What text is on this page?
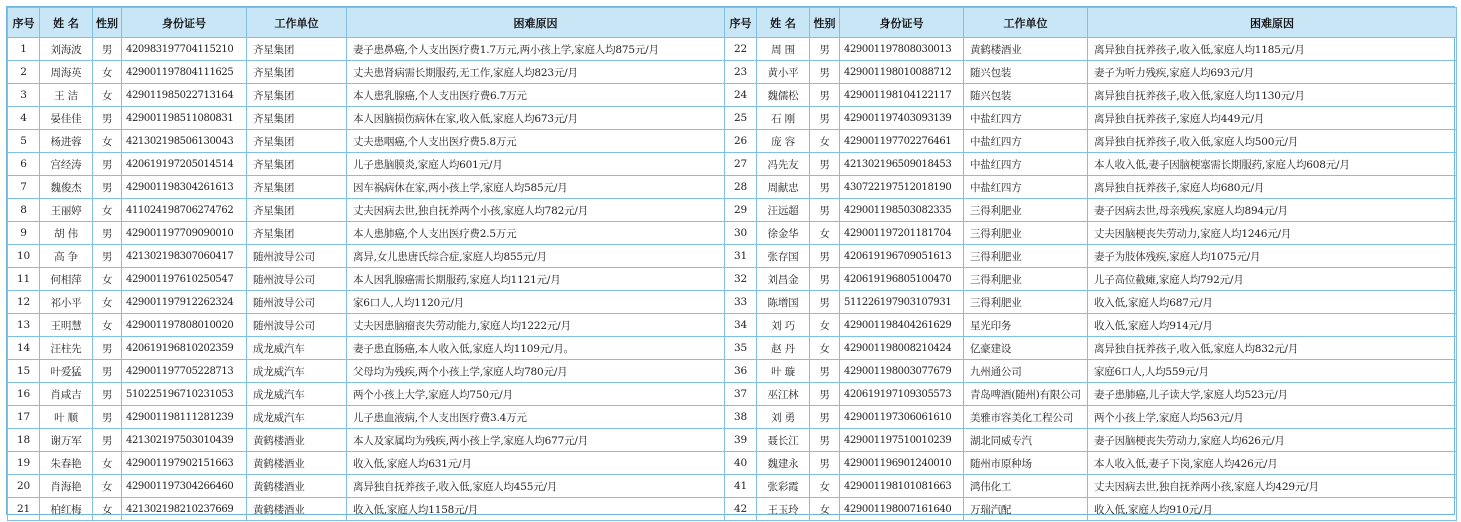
序号	姓 名	性别	身份证号	工作单位	困难原因	序号	姓 名	性别	身份证号	工作单位	困难原因
1	刘海波	男	420983197704115210	齐星集团	妻子患鼻癌,个人支出医疗费1.7万元,两小孩上学,家庭人均875元/月	22	周 围	男	429001197808030013	黄鹤楼酒业	离异独自抚养孩子,收入低,家庭人均1185元/月
2	周海英	女	429001197804111625	齐星集团	丈夫患肾病需长期服药,无工作,家庭人均823元/月	23	黄小平	男	429001198010088712	随兴包装	妻子为听力残疾,家庭人均693元/月
3	王 洁	女	429011985022713164	齐星集团	本人患乳腺癌,个人支出医疗费6.7万元	24	魏儒松	男	429001198104122117	随兴包装	离异独自抚养孩子,收入低,家庭人均1130元/月
4	晏佳佳	男	429001198511080831	齐星集团	本人因脑损伤病休在家,收入低,家庭人均673元/月	25	石 刚	男	429001197403093139	中盐红四方	离异独自抚养孩子,家庭人均449元/月
5	杨进蓉	女	421302198506130043	齐星集团	丈夫患咽癌,个人支出医疗费5.8万元	26	庞 容	女	429001197702276461	中盐红四方	离异独自抚养孩子,收入低,家庭人均500元/月
6	宫经涛	男	420619197205014514	齐星集团	儿子患脑膜炎,家庭人均601元/月	27	冯先友	男	421302196509018453	中盐红四方	本人收入低,妻子因脑梗塞需长期服药,家庭人均608元/月
7	魏俊杰	男	429001198304261613	齐星集团	因车祸病休在家,两小孩上学,家庭人均585元/月	28	周献忠	男	430722197512018190	中盐红四方	离异独自抚养孩子,家庭人均680元/月
8	王丽婷	女	411024198706274762	齐星集团	丈夫因病去世,独自抚养两个小孩,家庭人均782元/月	29	汪远超	男	429001198503082335	三得利肥业	妻子因病去世,母亲残疾,家庭人均894元/月
9	胡 伟	男	429001197709090010	齐星集团	本人患肺癌,个人支出医疗费2.5万元	30	徐金华	女	429001197201181704	三得利肥业	丈夫因脑梗丧失劳动力,家庭人均1246元/月
10	高 争	男	421302198307060417	随州波导公司	离异,女儿患唐氏综合症,家庭人均855元/月	31	张存国	男	420619196709051613	三得利肥业	妻子为肢体残疾,家庭人均1075元/月
11	何相萍	女	429001197610250547	随州波导公司	本人因乳腺癌需长期服药,家庭人均1121元/月	32	刘昌金	男	420619196805100470	三得利肥业	儿子高位截瘫,家庭人均792元/月
12	祁小平	女	429001197912262324	随州波导公司	家6口人,人均1120元/月	33	陈增国	男	511226197903107931	三得利肥业	收入低,家庭人均687元/月
13	王明慧	女	429001197808010020	随州波导公司	丈夫因患脑瘤丧失劳动能力,家庭人均1222元/月	34	刘 巧	女	429001198404261629	星光印务	收入低,家庭人均914元/月
14	汪柱先	男	420619196810202359	成龙威汽车	妻子患直肠癌,本人收入低,家庭人均1109元/月。	35	赵 丹	女	429001198008210424	亿豪建设	离异独自抚养孩子,收入低,家庭人均832元/月
15	叶爱猛	男	429001197705228713	成龙威汽车	父母均为残疾,两个小孩上学,家庭人均780元/月	36	叶 璇	男	429001198003077679	九州通公司	家庭6口人,人均559元/月
16	肖咸吉	男	510225196710231053	成龙威汽车	两个小孩上大学,家庭人均750元/月	37	巫江林	男	420619197109305573	青岛啤酒(随州)有限公司	妻子患肺癌,儿子读大学,家庭人均523元/月
17	叶 顺	男	429001198111281239	成龙威汽车	儿子患血液病,个人支出医疗费3.4万元	38	刘 勇	男	429001197306061610	美雅市容美化工程公司	两个小孩上学,家庭人均563元/月
18	谢万军	男	421302197503010439	黄鹤楼酒业	本人及家属均为残疾,两小孩上学,家庭人均677元/月	39	聂长江	男	429001197510010239	湖北同威专汽	妻子因脑梗丧失劳动力,家庭人均626元/月
19	朱春艳	女	429001197902151663	黄鹤楼酒业	收入低,家庭人均631元/月	40	魏建永	男	429001196901240010	随州市原种场	本人收入低,妻子下岗,家庭人均426元/月
20	肖海艳	女	429001197304266460	黄鹤楼酒业	离异独自抚养孩子,收入低,家庭人均455元/月	41	张彩霞	女	429001198101081663	鸿伟化工	丈夫因病去世,独自抚养两小孩,家庭人均429元/月
21	柏红梅	女	421302198210237669	黄鹤楼酒业	收入低,家庭人均1158元/月	42	王玉玲	女	429001198007161640	万瑞汽配	收入低,家庭人均910元/月
